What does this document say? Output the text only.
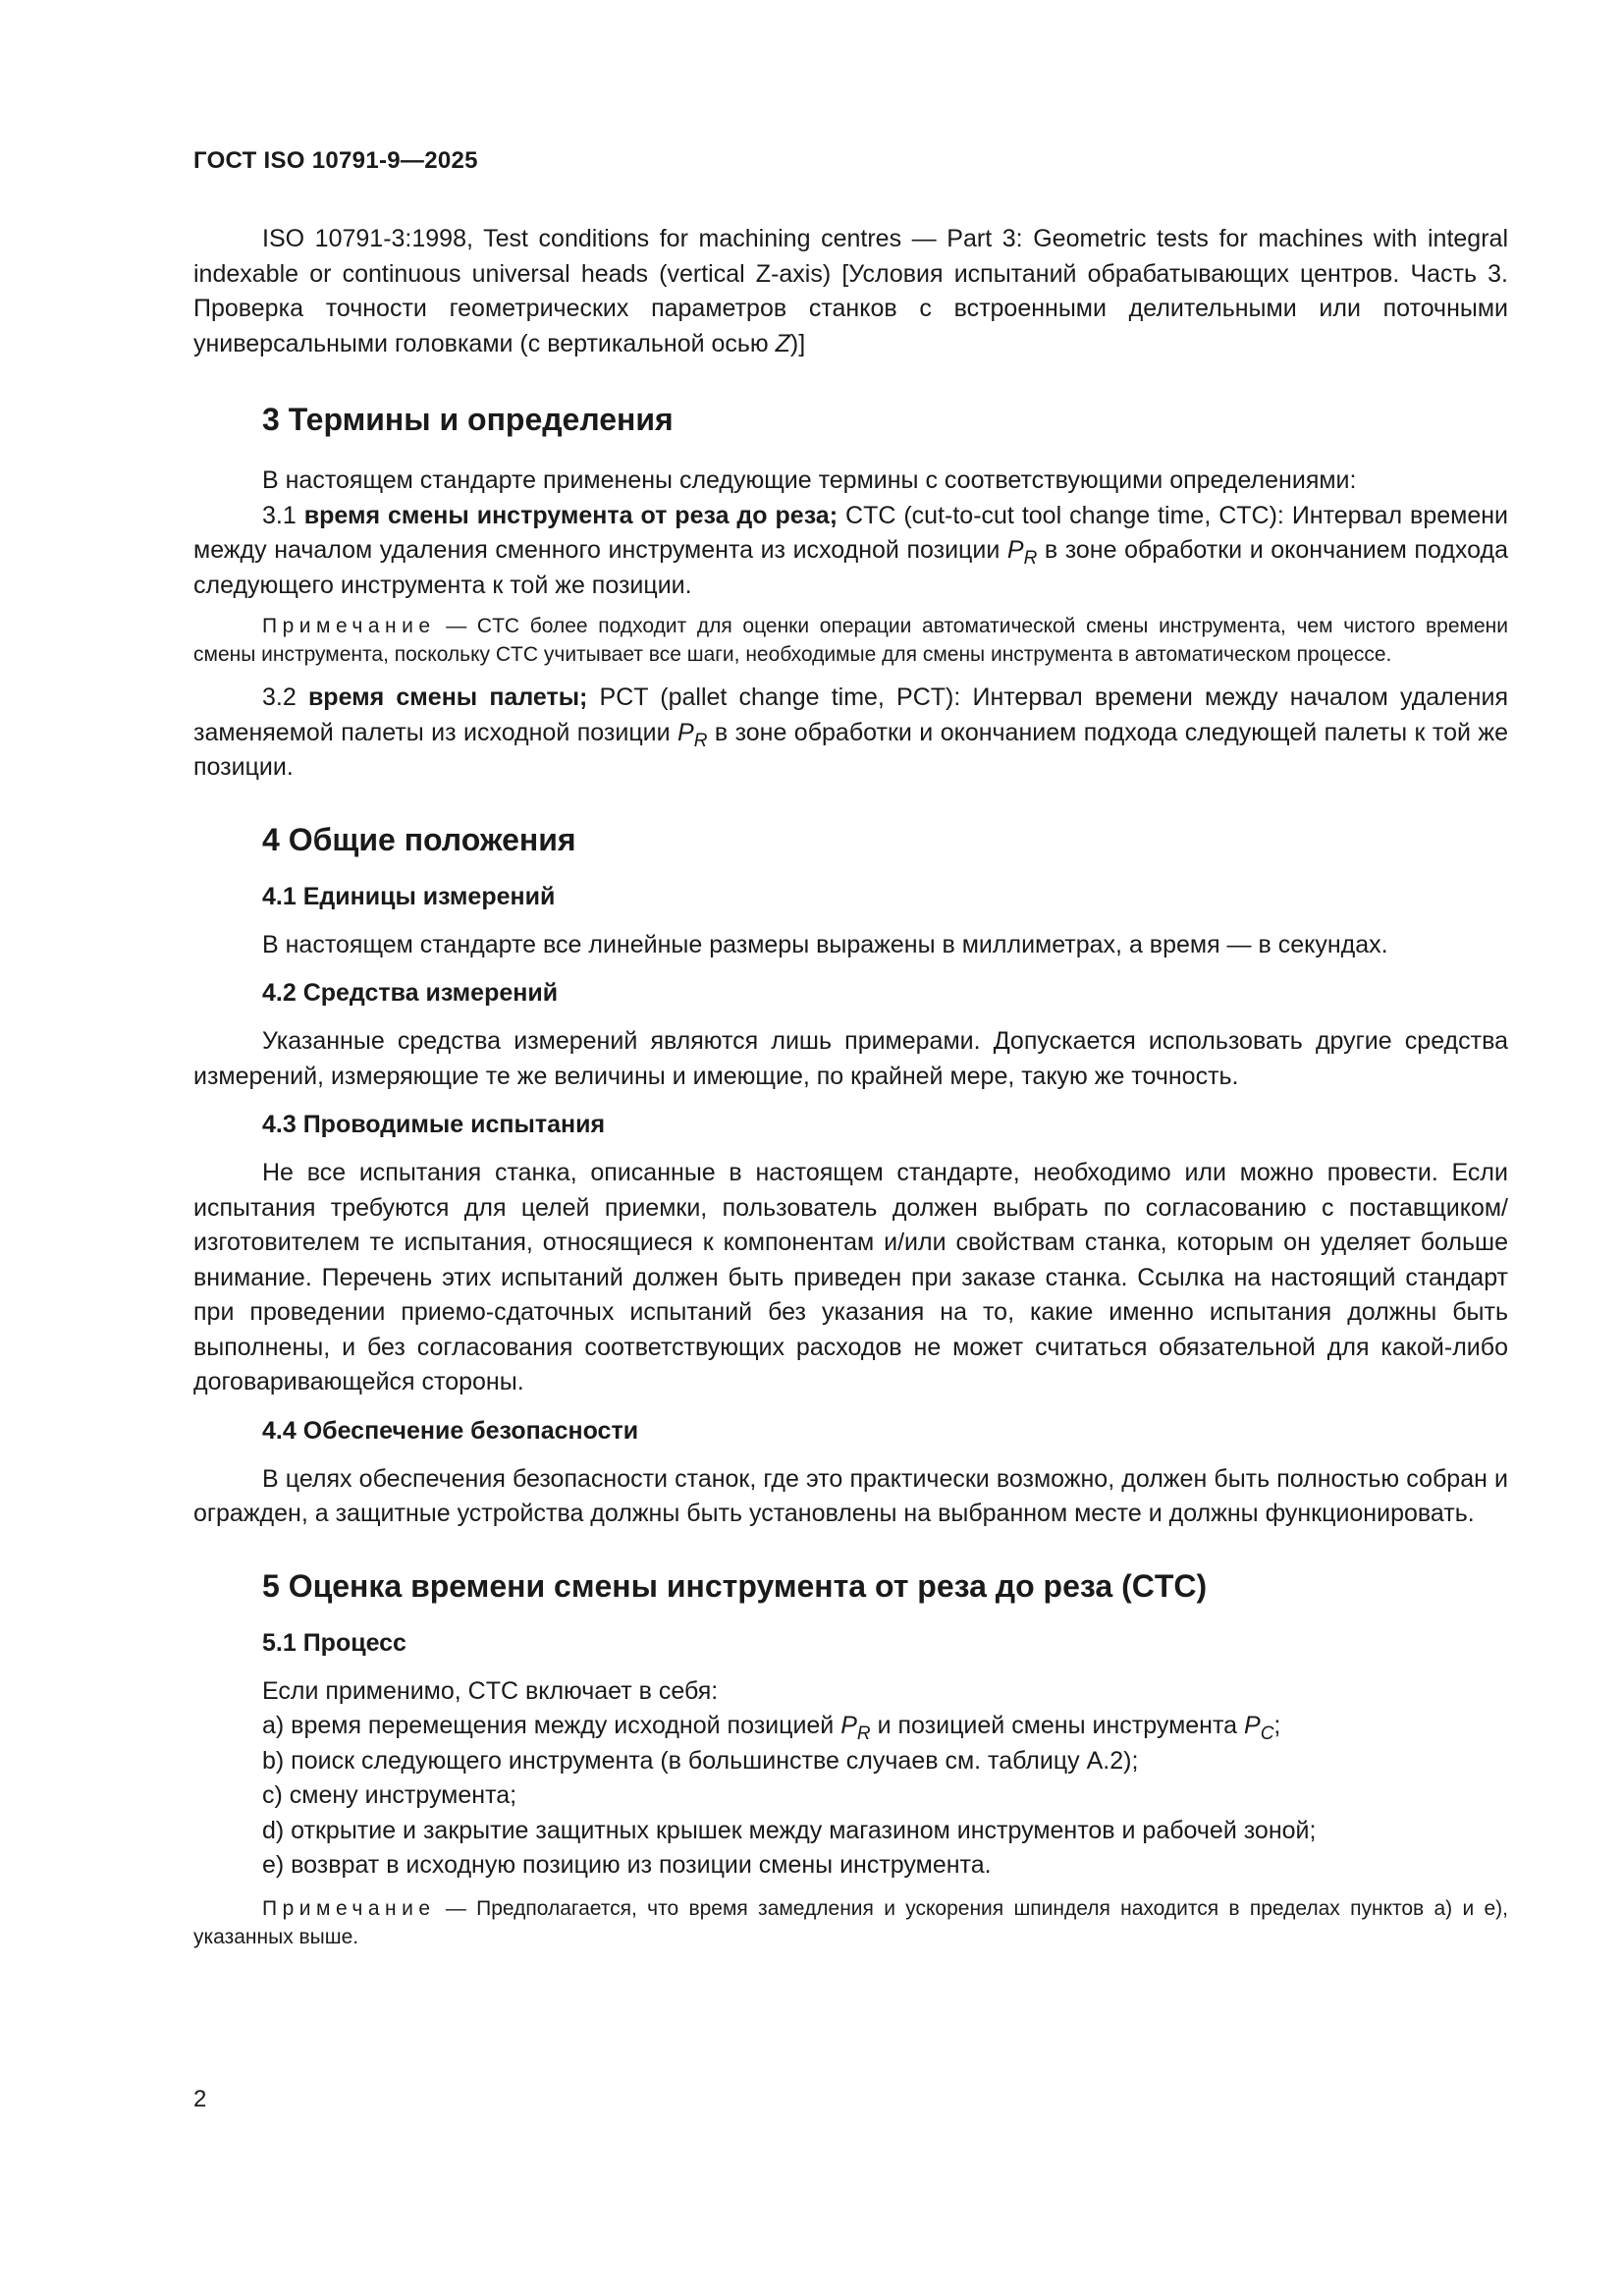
ГОСТ ISO 10791-9—2025

ISO 10791-3:1998, Test conditions for machining centres — Part 3: Geometric tests for machines with integral indexable or continuous universal heads (vertical Z-axis) [Условия испытаний обрабатывающих центров. Часть 3. Проверка точности геометрических параметров станков с встроенными делительными или поточными универсальными головками (с вертикальной осью Z)]

3 Термины и определения

В настоящем стандарте применены следующие термины с соответствующими определениями:

3.1 время смены инструмента от реза до реза; CTC (cut-to-cut tool change time, CTC): Интервал времени между началом удаления сменного инструмента из исходной позиции $P_R$ в зоне обработки и окончанием подхода следующего инструмента к той же позиции.

Примечание — CTC более подходит для оценки операции автоматической смены инструмента, чем чистого времени смены инструмента, поскольку CTC учитывает все шаги, необходимые для смены инструмента в автоматическом процессе.

3.2 время смены палеты; PCT (pallet change time, PCT): Интервал времени между началом удаления заменяемой палеты из исходной позиции $P_R$ в зоне обработки и окончанием подхода следующей палеты к той же позиции.

4 Общие положения
4.1 Единицы измерений

В настоящем стандарте все линейные размеры выражены в миллиметрах, а время — в секундах.

4.2 Средства измерений

Указанные средства измерений являются лишь примерами. Допускается использовать другие средства измерений, измеряющие те же величины и имеющие, по крайней мере, такую же точность.

4.3 Проводимые испытания

Не все испытания станка, описанные в настоящем стандарте, необходимо или можно провести. Если испытания требуются для целей приемки, пользователь должен выбрать по согласованию с поставщиком/изготовителем те испытания, относящиеся к компонентам и/или свойствам станка, которым он уделяет больше внимание. Перечень этих испытаний должен быть приведен при заказе станка. Ссылка на настоящий стандарт при проведении приемо-сдаточных испытаний без указания на то, какие именно испытания должны быть выполнены, и без согласования соответствующих расходов не может считаться обязательной для какой-либо договаривающейся стороны.

4.4 Обеспечение безопасности

В целях обеспечения безопасности станок, где это практически возможно, должен быть полностью собран и огражден, а защитные устройства должны быть установлены на выбранном месте и должны функционировать.

5 Оценка времени смены инструмента от реза до реза (CTC)
5.1 Процесс

Если применимо, CTC включает в себя:

a) время перемещения между исходной позицией $P_R$ и позицией смены инструмента $P_C$;

b) поиск следующего инструмента (в большинстве случаев см. таблицу А.2);

c) смену инструмента;

d) открытие и закрытие защитных крышек между магазином инструментов и рабочей зоной;

e) возврат в исходную позицию из позиции смены инструмента.

Примечание — Предполагается, что время замедления и ускорения шпинделя находится в пределах пунктов a) и e), указанных выше.

2
